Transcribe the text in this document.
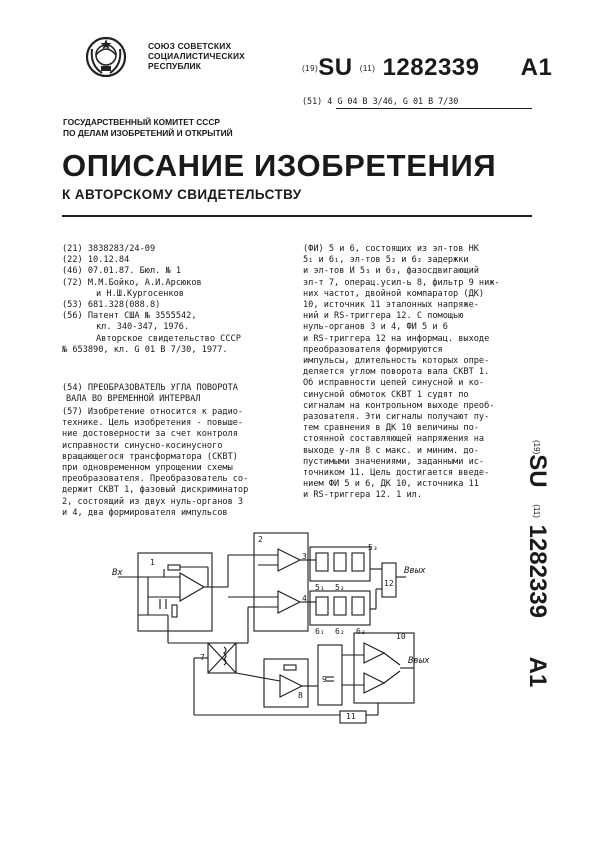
СОЮЗ СОВЕТСКИХ
СОЦИАЛИСТИЧЕСКИХ
РЕСПУБЛИК	(19)SU (11) 1282339 A1
(51) 4 G 04 B 3/46, G 01 B 7/30
ГОСУДАРСТВЕННЫЙ КОМИТЕТ СССР
ПО ДЕЛАМ ИЗОБРЕТЕНИЙ И ОТКРЫТИЙ
ОПИСАНИЕ ИЗОБРЕТЕНИЯ
К АВТОРСКОМУ СВИДЕТЕЛЬСТВУ

(21) 3838283/24-09

(22) 10.12.84

(46) 07.01.87. Бюл. № 1

(72) М.М.Бойко, А.И.Арсюков

и Н.Ш.Кургосенков

(53) 681.328(088.8)

(56) Патент США № 3555542,

кл. 340-347, 1976.

Авторское свидетельство СССР

№ 653890, кл. G 01 B 7/30, 1977.

(54) ПРЕОБРАЗОВАТЕЛЬ УГЛА ПОВОРОТА

ВАЛА ВО ВРЕМЕННОЙ ИНТЕРВАЛ

(57) Изобретение относится к радио-

технике. Цель изобретения - повыше-

ние достоверности за счет контроля

исправности синусно-косинусного

вращающегося трансформатора (СКВТ)

при одновременном упрощении схемы

преобразователя. Преобразователь со-

держит СКВТ 1, фазовый дискриминатор

2, состоящий из двух нуль-органов 3

и 4, два формирователя импульсов

(ФИ) 5 и 6, состоящих из эл-тов НК

5₁ и 6₁, эл-тов 5₂ и 6₂ задержки

и эл-тов И 5₃ и 6₃, фазосдвигающий

эл-т 7, операц.усил-ь 8, фильтр 9 ниж-

них частот, двойной компаратор (ДК)

10, источник 11 эталонных напряже-

ний и RS-триггера 12. С помощью

нуль-органов 3 и 4, ФИ 5 и 6

и RS-триггера 12 на информац. выходе

преобразователя формируются

импульсы, длительность которых опре-

деляется углом поворота вала СКВТ 1.

Об исправности цепей синусной и ко-

синусной обмоток СКВТ 1 судят по

сигналам на контрольном выходе преоб-

разователя. Эти сигналы получают пу-

тем сравнения в ДК 10 величины по-

стоянной составляющей напряжения на

выходе у-ля 8 с макс. и миним. до-

пустимыми значениями, заданными ис-

точником 11. Цель достигается введе-

нием ФИ 5 и 6, ДК 10, источника 11

и RS-триггера 12. 1 ил.

(19)SU (11) 1282339 A1
Bx	Bвых
Bвых
1
2
3
4
5₃
5₁ 5₂
6₁ 6₂ 6₃
7
8
9
10
11
12
